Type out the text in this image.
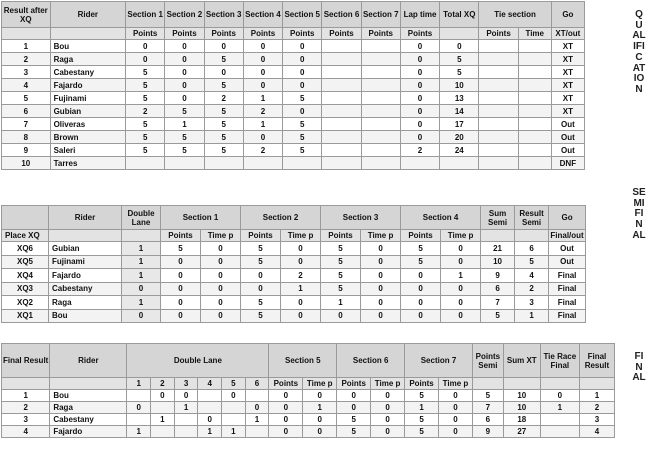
Result after XQ	Rider	Section 1	Section 2	Section 3	Section 4	Section 5	Section 6	Section 7	Lap time	Total XQ	Tie section		Go
		Points	Points	Points	Points	Points	Points	Points	Points		Points	Time	XT/out
1	Bou	0	0	0	0	0			0	0			XT
2	Raga	0	0	5	0	0			0	5			XT
3	Cabestany	5	0	0	0	0			0	5			XT
4	Fajardo	5	0	5	0	0			0	10			XT
5	Fujinami	5	0	2	1	5			0	13			XT
6	Gubian	2	5	5	2	0			0	14			XT
7	Oliveras	5	1	5	1	5			0	17			Out
8	Brown	5	5	5	0	5			0	20			Out
9	Saleri	5	5	5	2	5			2	24			Out
10	Tarres												DNF
QUALIFICATION
	Rider	Double Lane	Section 1		Section 2		Section 3		Section 4		Sum Semi	Result Semi	Go
Place XQ			Points	Time p	Points	Time p	Points	Time p	Points	Time p			Final/out
XQ6	Gubian	1	5	0	5	0	5	0	5	0	21	6	Out
XQ5	Fujinami	1	0	0	5	0	5	0	5	0	10	5	Out
XQ4	Fajardo	1	0	0	0	2	5	0	0	1	9	4	Final
XQ3	Cabestany	0	0	0	0	1	5	0	0	0	6	2	Final
XQ2	Raga	1	0	0	5	0	1	0	0	0	7	3	Final
XQ1	Bou	0	0	0	5	0	0	0	0	0	5	1	Final
SEMI FINAL
Final Result	Rider	Double Lane						Section 5		Section 6		Section 7		Points Semi	Sum XT	Tie Race Final	Final Result
		1	2	3	4	5	6	Points	Time p	Points	Time p	Points	Time p				
1	Bou		0	0		0		0	0	0	0	5	0	5	10	0	1
2	Raga	0		1			0	0	1	0	0	1	0	7	10	1	2
3	Cabestany		1		0		1	0	0	5	0	5	0	6	18		3
4	Fajardo	1			1	1		0	0	5	0	5	0	9	27		4
FINAL
